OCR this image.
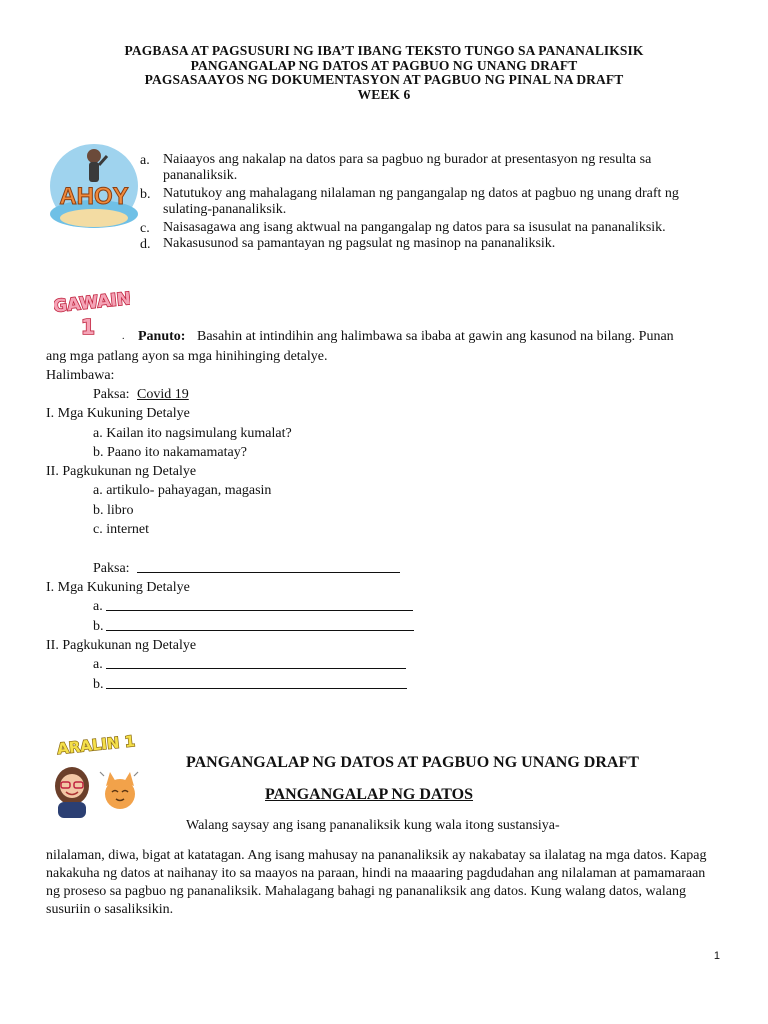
PAGBASA AT PAGSUSURI NG IBA’T IBANG TEKSTO TUNGO SA PANANALIKSIK
PANGANGALAP NG DATOS AT PAGBUO NG UNANG DRAFT
PAGSASAAYOS NG DOKUMENTASYON AT PAGBUO NG PINAL NA DRAFT
WEEK 6
AHOY
a. Naiaayos ang nakalap na datos para sa pagbuo ng burador at presentasyon ng resulta sa pananaliksik.
b. Natutukoy ang mahalagang nilalaman ng pangangalap ng datos at pagbuo ng unang draft ng sulating-pananaliksik.
c. Naisasagawa ang isang aktwual na pangangalap ng datos para sa isusulat na pananaliksik.
d. Nakasusunod sa pamantayan ng pagsulat ng masinop na pananaliksik.
GAWAIN
1	. Panuto: Basahin at intindihin ang halimbawa sa ibaba at gawin ang kasunod na bilang. Punan
ang mga patlang ayon sa mga hinihinging detalye.
Halimbawa:
Paksa: Covid 19
I. Mga Kukuning Detalye
a. Kailan ito nagsimulang kumalat?
b. Paano ito nakamamatay?
II. Pagkukunan ng Detalye
a. artikulo- pahayagan, magasin
b. libro
c. internet
Paksa:
I. Mga Kukuning Detalye
a.
b.
II. Pagkukunan ng Detalye
a.
b.
ARALIN 1
PANGANGALAP NG DATOS AT PAGBUO NG UNANG DRAFT
PANGANGALAP NG DATOS
Walang saysay ang isang pananaliksik kung wala itong sustansiya-
nilalaman, diwa, bigat at katatagan. Ang isang mahusay na pananaliksik ay nakabatay sa ilalatag na mga datos. Kapag nakakuha ng datos at naihanay ito sa maayos na paraan, hindi na maaaring pagdudahan ang nilalaman at pamamaraan ng proseso sa pagbuo ng pananaliksik. Mahalagang bahagi ng pananaliksik ang datos. Kung walang datos, walang susuriin o sasaliksikin.
1
